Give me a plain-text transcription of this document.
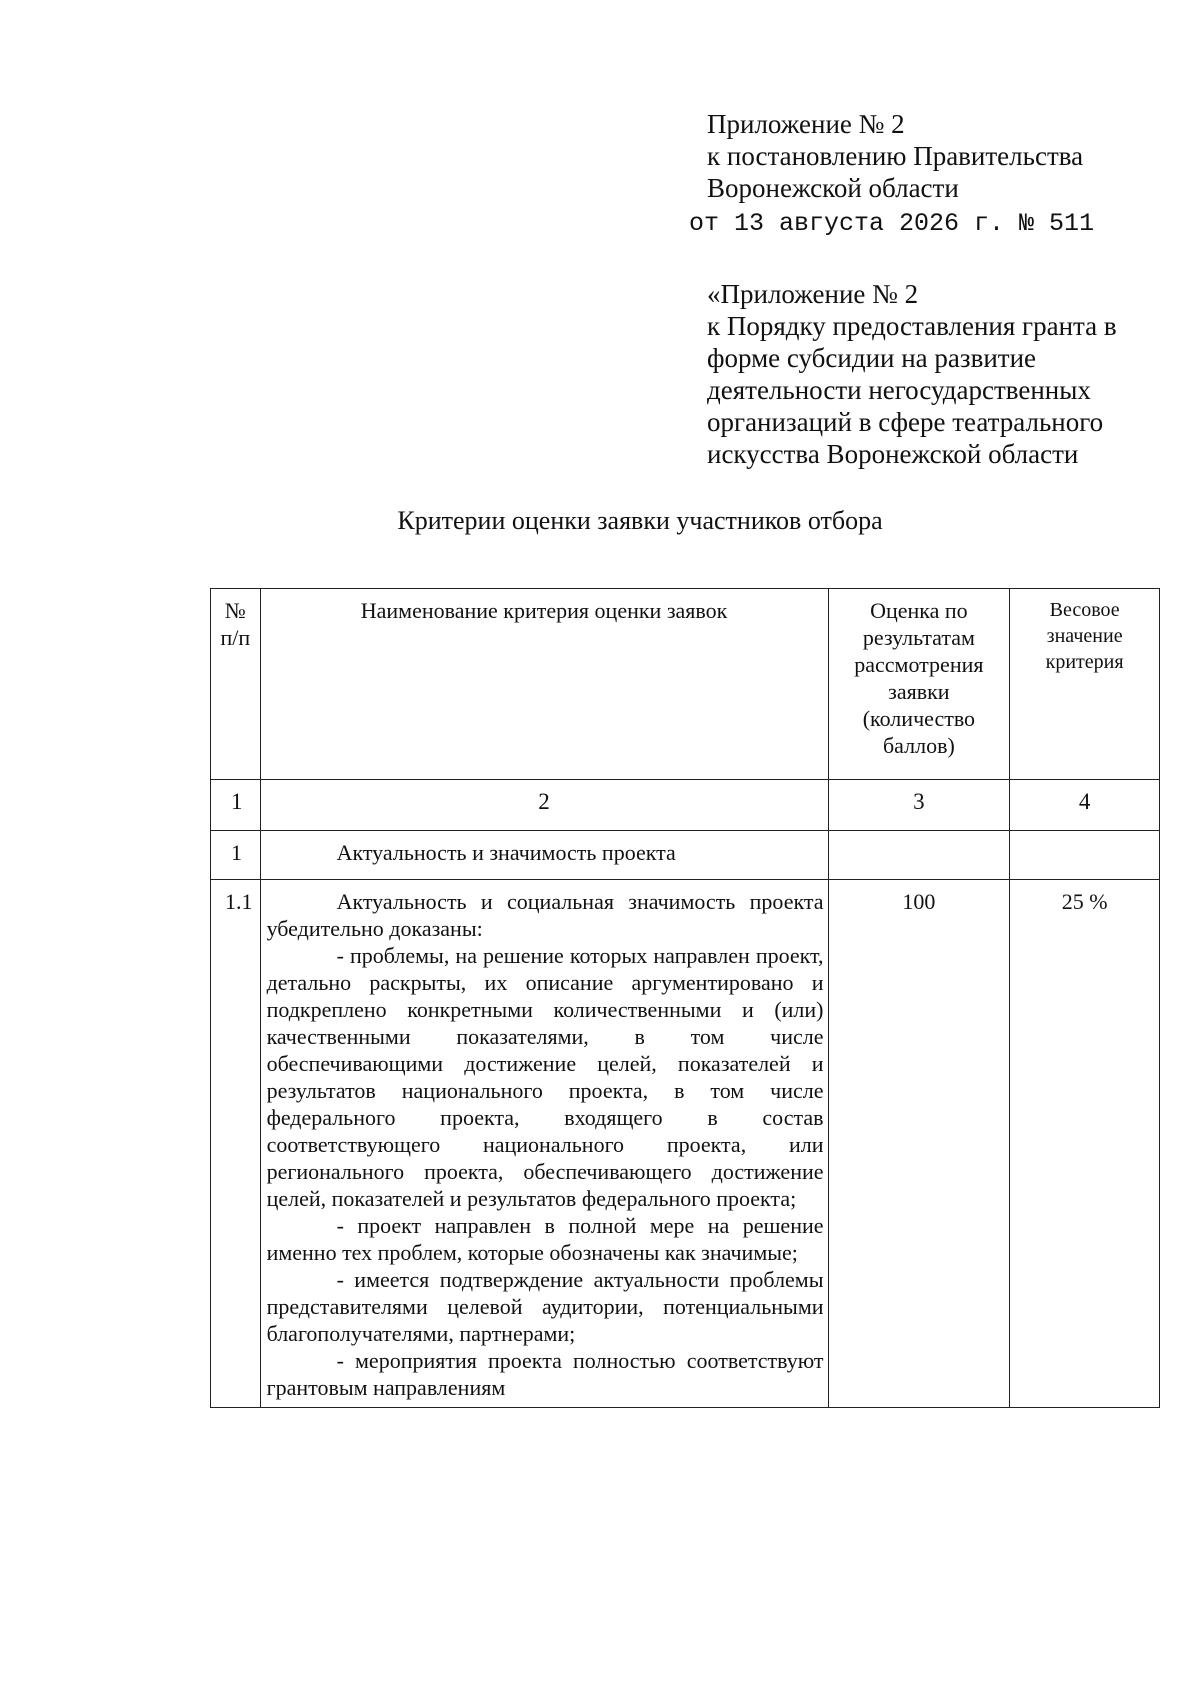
Приложение № 2
к постановлению Правительства
Воронежской области
от 13 августа 2026 г. № 511
«Приложение № 2
к Порядку предоставления гранта в
форме субсидии на развитие
деятельности негосударственных
организаций в сфере театрального
искусства Воронежской области
Критерии оценки заявки участников отбора
№ п/п	Наименование критерия оценки заявок	Оценка по результатам рассмотрения заявки (количество баллов)	Весовое значение критерия
1	2	3	4
1	Актуальность и значимость проекта		
1.1	Актуальность и социальная значимость проекта убедительно доказаны:

- проблемы, на решение которых направлен проект, детально раскрыты, их описание аргументировано и подкреплено конкретными количественными и (или) качественными показателями, в том числе обеспечивающими достижение целей, показателей и результатов национального проекта, в том числе федерального проекта, входящего в состав соответствующего национального проекта, или регионального проекта, обеспечивающего достижение целей, показателей и результатов федерального проекта;

- проект направлен в полной мере на решение именно тех проблем, которые обозначены как значимые;

- имеется подтверждение актуальности проблемы представителями целевой аудитории, потенциальными благополучателями, партнерами;

- мероприятия проекта полностью соответствуют грантовым направлениям	100	25 %
